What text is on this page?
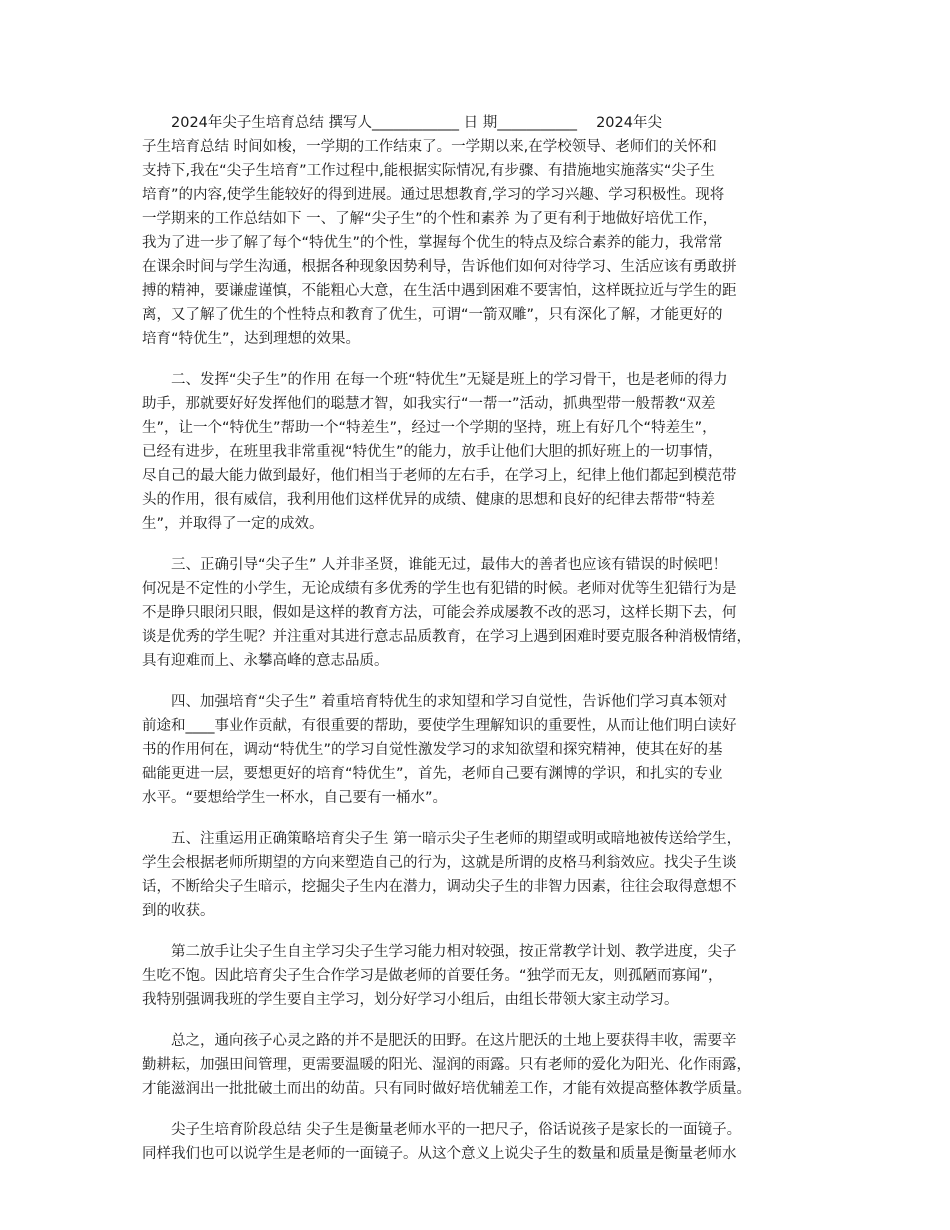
　　2024年尖子生培育总结 撰写人____________ 日 期___________ 　2024年尖
子生培育总结 时间如梭，一学期的工作结束了。一学期以来,在学校领导、老师们的关怀和
支持下,我在“尖子生培育”工作过程中,能根据实际情况,有步骤、有措施地实施落实“尖子生
培育”的内容,使学生能较好的得到进展。通过思想教育,学习的学习兴趣、学习积极性。现将
一学期来的工作总结如下 一、了解“尖子生”的个性和素养 为了更有利于地做好培优工作，
我为了进一步了解了每个“特优生”的个性，掌握每个优生的特点及综合素养的能力，我常常
在课余时间与学生沟通，根据各种现象因势利导，告诉他们如何对待学习、生活应该有勇敢拼
搏的精神，要谦虚谨慎，不能粗心大意，在生活中遇到困难不要害怕，这样既拉近与学生的距
离，又了解了优生的个性特点和教育了优生，可谓“一箭双雕”，只有深化了解，才能更好的
培育“特优生”，达到理想的效果。
　　二、发挥“尖子生”的作用 在每一个班“特优生”无疑是班上的学习骨干，也是老师的得力
助手，那就要好好发挥他们的聪慧才智，如我实行“一帮一”活动，抓典型带一般帮教“双差
生”，让一个“特优生”帮助一个“特差生”，经过一个学期的坚持，班上有好几个“特差生”，
已经有进步，在班里我非常重视“特优生”的能力，放手让他们大胆的抓好班上的一切事情，
尽自己的最大能力做到最好，他们相当于老师的左右手，在学习上，纪律上他们都起到模范带
头的作用，很有威信，我利用他们这样优异的成绩、健康的思想和良好的纪律去帮带“特差
生”，并取得了一定的成效。
　　三、正确引导“尖子生” 人并非圣贤，谁能无过，最伟大的善者也应该有错误的时候吧！
何况是不定性的小学生，无论成绩有多优秀的学生也有犯错的时候。老师对优等生犯错行为是
不是睁只眼闭只眼，假如是这样的教育方法，可能会养成屡教不改的恶习，这样长期下去，何
谈是优秀的学生呢？并注重对其进行意志品质教育，在学习上遇到困难时要克服各种消极情绪，
具有迎难而上、永攀高峰的意志品质。
　　四、加强培育“尖子生” 着重培育特优生的求知望和学习自觉性，告诉他们学习真本领对
前途和____事业作贡献，有很重要的帮助，要使学生理解知识的重要性，从而让他们明白读好
书的作用何在，调动“特优生”的学习自觉性激发学习的求知欲望和探究精神，使其在好的基
础能更进一层，要想更好的培育“特优生”，首先，老师自己要有渊博的学识，和扎实的专业
水平。“要想给学生一杯水，自己要有一桶水”。
　　五、注重运用正确策略培育尖子生 第一暗示尖子生老师的期望或明或暗地被传送给学生，
学生会根据老师所期望的方向来塑造自己的行为，这就是所谓的皮格马利翁效应。找尖子生谈
话，不断给尖子生暗示，挖掘尖子生内在潜力，调动尖子生的非智力因素，往往会取得意想不
到的收获。
　　第二放手让尖子生自主学习尖子生学习能力相对较强，按正常教学计划、教学进度，尖子
生吃不饱。因此培育尖子生合作学习是做老师的首要任务。“独学而无友，则孤陋而寡闻”，
我特别强调我班的学生要自主学习，划分好学习小组后，由组长带领大家主动学习。
　　总之，通向孩子心灵之路的并不是肥沃的田野。在这片肥沃的土地上要获得丰收，需要辛
勤耕耘，加强田间管理，更需要温暖的阳光、湿润的雨露。只有老师的爱化为阳光、化作雨露，
才能滋润出一批批破土而出的幼苗。只有同时做好培优辅差工作，才能有效提高整体教学质量。
　　尖子生培育阶段总结 尖子生是衡量老师水平的一把尺子，俗话说孩子是家长的一面镜子。
同样我们也可以说学生是老师的一面镜子。从这个意义上说尖子生的数量和质量是衡量老师水
